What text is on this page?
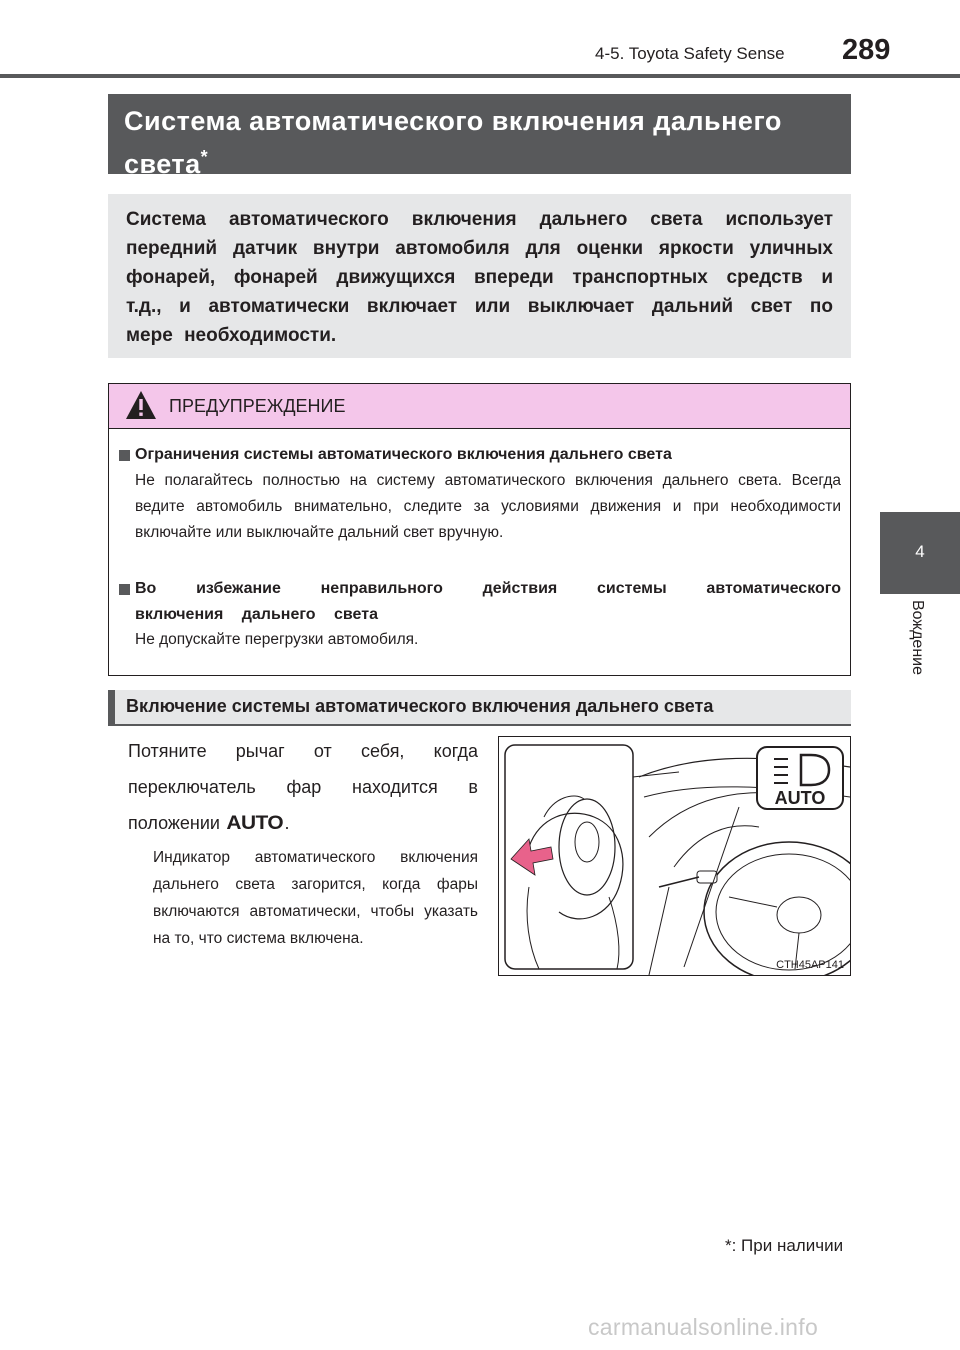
4-5. Toyota Safety Sense 289
4
Вождение
Система автоматического включения дальнего света*
Система автоматического включения дальнего света использует передний датчик внутри автомобиля для оценки яркости уличных фонарей, фонарей движущихся впереди транспортных средств и т.д., и автоматически включает или выключает дальний свет по мере необходимости.
ПРЕДУПРЕЖДЕНИЕ
Ограничения системы автоматического включения дальнего света
Не полагайтесь полностью на систему автоматического включения дальнего света. Всегда ведите автомобиль внимательно, следите за условиями движения и при необходимости включайте или выключайте дальний свет вручную.
Во избежание неправильного действия системы автоматического включения дальнего света
Не допускайте перегрузки автомобиля.
Включение системы автоматического включения дальнего света
Потяните рычаг от себя, когда переключатель фар находится в положении AUTO.
Индикатор автоматического включения дальнего света загорится, когда фары включаются автоматически, чтобы указать на то, что система включена.
AUTO
CTH45AP141
*: При наличии
carmanualsonline.info
